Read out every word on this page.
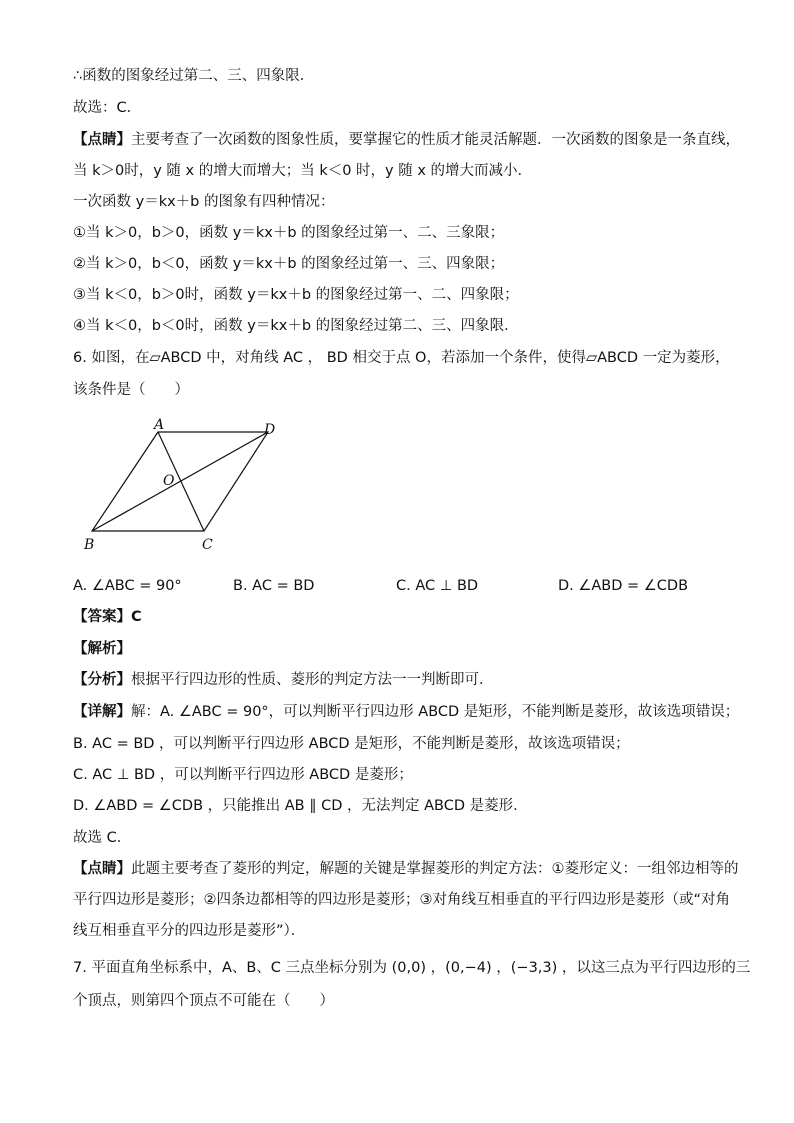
∴函数的图象经过第二、三、四象限．
故选：C．
【点睛】主要考查了一次函数的图象性质，要掌握它的性质才能灵活解题．一次函数的图象是一条直线，
当 k＞0时，y 随 x 的增大而增大；当 k＜0 时，y 随 x 的增大而减小．
一次函数 y＝kx＋b 的图象有四种情况：
①当 k＞0，b＞0，函数 y＝kx＋b 的图象经过第一、二、三象限；
②当 k＞0，b＜0，函数 y＝kx＋b 的图象经过第一、三、四象限；
③当 k＜0，b＞0时，函数 y＝kx＋b 的图象经过第一、二、四象限；
④当 k＜0，b＜0时，函数 y＝kx＋b 的图象经过第二、三、四象限．
6. 如图，在▱ABCD 中，对角线 AC ， BD 相交于点 O，若添加一个条件，使得▱ABCD 一定为菱形，
该条件是（　　）
A	D
O
B	C
A. ∠ABC = 90°	B. AC = BD	C. AC ⊥ BD	D. ∠ABD = ∠CDB
【答案】C
【解析】
【分析】根据平行四边形的性质、菱形的判定方法一一判断即可．
【详解】解：A. ∠ABC = 90°，可以判断平行四边形 ABCD 是矩形，不能判断是菱形，故该选项错误；
B. AC = BD ，可以判断平行四边形 ABCD 是矩形，不能判断是菱形，故该选项错误；
C. AC ⊥ BD ，可以判断平行四边形 ABCD 是菱形；
D. ∠ABD = ∠CDB ，只能推出 AB ∥ CD ，无法判定 ABCD 是菱形．
故选 C．
【点睛】此题主要考查了菱形的判定，解题的关键是掌握菱形的判定方法：①菱形定义：一组邻边相等的
平行四边形是菱形；②四条边都相等的四边形是菱形；③对角线互相垂直的平行四边形是菱形（或“对角
线互相垂直平分的四边形是菱形”）．
7. 平面直角坐标系中，A、B、C 三点坐标分别为 (0,0) ，(0,−4) ，(−3,3) ，以这三点为平行四边形的三
个顶点，则第四个顶点不可能在（　　）
